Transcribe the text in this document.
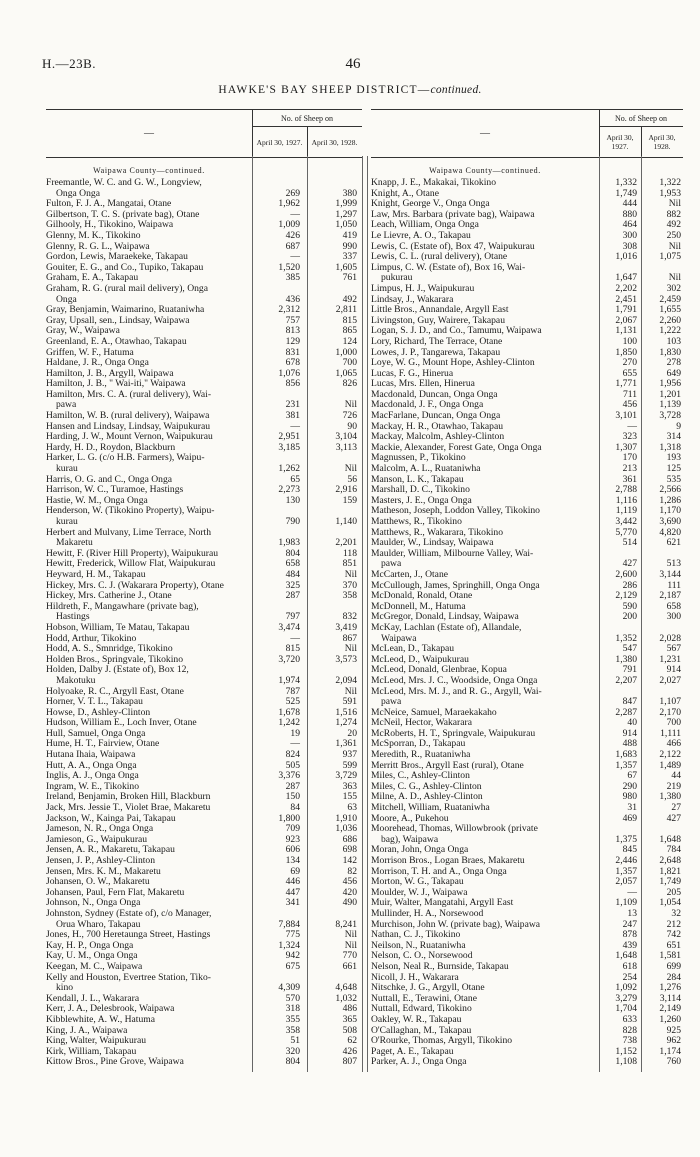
H.—23B.	46
HAWKE'S BAY SHEEP DISTRICT—continued.
—
No. of Sheep on
April 30, 1927.	April 30, 1928.
Waipawa County—continued.
Freemantle, W. C. and G. W., Longview,
Onga Onga	269	380
Fulton, F. J. A., Mangatai, Otane	1,962	1,999
Gilbertson, T. C. S. (private bag), Otane	—	1,297
Gilhooly, H., Tikokino, Waipawa	1,009	1,050
Glenny, M. K., Tikokino	426	419
Glenny, R. G. L., Waipawa	687	990
Gordon, Lewis, Maraekeke, Takapau	—	337
Gouiter, E. G., and Co., Tupiko, Takapau	1,520	1,605
Graham, E. A., Takapau	385	761
Graham, R. G. (rural mail delivery), Onga
Onga	436	492
Gray, Benjamin, Waimarino, Ruataniwha	2,312	2,811
Gray, Upsall, sen., Lindsay, Waipawa	757	815
Gray, W., Waipawa	813	865
Greenland, E. A., Otawhao, Takapau	129	124
Griffen, W. F., Hatuma	831	1,000
Haldane, J. R., Onga Onga	678	700
Hamilton, J. B., Argyll, Waipawa	1,076	1,065
Hamilton, J. B., " Wai-iti," Waipawa	856	826
Hamilton, Mrs. C. A. (rural delivery), Wai-
pawa	231	Nil
Hamilton, W. B. (rural delivery), Waipawa	381	726
Hansen and Lindsay, Lindsay, Waipukurau	—	90
Harding, J. W., Mount Vernon, Waipukurau	2,951	3,104
Hardy, H. D., Roydon, Blackburn	3,185	3,113
Harker, L. G. (c/o H.B. Farmers), Waipu-
kurau	1,262	Nil
Harris, O. G. and C., Onga Onga	65	56
Harrison, W. C., Turamoe, Hastings	2,273	2,916
Hastie, W. M., Onga Onga	130	159
Henderson, W. (Tikokino Property), Waipu-
kurau	790	1,140
Herbert and Mulvany, Lime Terrace, North
Makaretu	1,983	2,201
Hewitt, F. (River Hill Property), Waipukurau	804	118
Hewitt, Frederick, Willow Flat, Waipukurau	658	851
Heyward, H. M., Takapau	484	Nil
Hickey, Mrs. C. J. (Wakarara Property), Otane	325	370
Hickey, Mrs. Catherine J., Otane	287	358
Hildreth, F., Mangawhare (private bag),
Hastings	797	832
Hobson, William, Te Matau, Takapau	3,474	3,419
Hodd, Arthur, Tikokino	—	867
Hodd, A. S., Smnridge, Tikokino	815	Nil
Holden Bros., Springvale, Tikokino	3,720	3,573
Holden, Dalby J. (Estate of), Box 12,
Makotuku	1,974	2,094
Holyoake, R. C., Argyll East, Otane	787	Nil
Horner, V. T. L., Takapau	525	591
Howse, D., Ashley-Clinton	1,678	1,516
Hudson, William E., Loch Inver, Otane	1,242	1,274
Hull, Samuel, Onga Onga	19	20
Hume, H. T., Fairview, Otane	—	1,361
Hutana Ihaia, Waipawa	824	937
Hutt, A. A., Onga Onga	505	599
Inglis, A. J., Onga Onga	3,376	3,729
Ingram, W. E., Tikokino	287	363
Ireland, Benjamin, Broken Hill, Blackburn	150	155
Jack, Mrs. Jessie T., Violet Brae, Makaretu	84	63
Jackson, W., Kainga Pai, Takapau	1,800	1,910
Jameson, N. R., Onga Onga	709	1,036
Jamieson, G., Waipukurau	923	686
Jensen, A. R., Makaretu, Takapau	606	698
Jensen, J. P., Ashley-Clinton	134	142
Jensen, Mrs. K. M., Makaretu	69	82
Johansen, O. W., Makaretu	446	456
Johansen, Paul, Fern Flat, Makaretu	447	420
Johnson, N., Onga Onga	341	490
Johnston, Sydney (Estate of), c/o Manager,
Orua Wharo, Takapau	7,884	8,241
Jones, H., 700 Heretaunga Street, Hastings	775	Nil
Kay, H. P., Onga Onga	1,324	Nil
Kay, U. M., Onga Onga	942	770
Keegan, M. C., Waipawa	675	661
Kelly and Houston, Evertree Station, Tiko-
kino	4,309	4,648
Kendall, J. L., Wakarara	570	1,032
Kerr, J. A., Delesbrook, Waipawa	318	486
Kibblewhite, A. W., Hatuma	355	365
King, J. A., Waipawa	358	508
King, Walter, Waipukurau	51	62
Kirk, William, Takapau	320	426
Kittow Bros., Pine Grove, Waipawa	804	807
—
No. of Sheep on
April 30, 1927.
April 30, 1928.
Waipawa County—continued.
Knapp, J. E., Makakai, Tikokino	1,332	1,322
Knight, A., Otane	1,749	1,953
Knight, George V., Onga Onga	444	Nil
Law, Mrs. Barbara (private bag), Waipawa	880	882
Leach, William, Onga Onga	464	492
Le Lievre, A. O., Takapau	300	250
Lewis, C. (Estate of), Box 47, Waipukurau	308	Nil
Lewis, C. L. (rural delivery), Otane	1,016	1,075
Limpus, C. W. (Estate of), Box 16, Wai-
pukurau	1,647	Nil
Limpus, H. J., Waipukurau	2,202	302
Lindsay, J., Wakarara	2,451	2,459
Little Bros., Annandale, Argyll East	1,791	1,655
Livingston, Guy, Wairere, Takapau	2,067	2,260
Logan, S. J. D., and Co., Tamumu, Waipawa	1,131	1,222
Lory, Richard, The Terrace, Otane	100	103
Lowes, J. P., Tangarewa, Takapau	1,850	1,830
Loye, W. G., Mount Hope, Ashley-Clinton	270	278
Lucas, F. G., Hinerua	655	649
Lucas, Mrs. Ellen, Hinerua	1,771	1,956
Macdonald, Duncan, Onga Onga	711	1,201
Macdonald, J. F., Onga Onga	456	1,139
MacFarlane, Duncan, Onga Onga	3,101	3,728
Mackay, H. R., Otawhao, Takapau	—	9
Mackay, Malcolm, Ashley-Clinton	323	314
Mackie, Alexander, Forest Gate, Onga Onga	1,307	1,318
Magnussen, P., Tikokino	170	193
Malcolm, A. L., Ruataniwha	213	125
Manson, L. K., Takapau	361	535
Marshall, D. C., Tikokino	2,788	2,566
Masters, J. E., Onga Onga	1,116	1,286
Matheson, Joseph, Loddon Valley, Tikokino	1,119	1,170
Matthews, R., Tikokino	3,442	3,690
Matthews, R., Wakarara, Tikokino	5,770	4,820
Maulder, W., Lindsay, Waipawa	514	621
Maulder, William, Milbourne Valley, Wai-
pawa	427	513
McCarten, J., Otane	2,600	3,144
McCullough, James, Springhill, Onga Onga	286	111
McDonald, Ronald, Otane	2,129	2,187
McDonnell, M., Hatuma	590	658
McGregor, Donald, Lindsay, Waipawa	200	300
McKay, Lachlan (Estate of), Allandale,
Waipawa	1,352	2,028
McLean, D., Takapau	547	567
McLeod, D., Waipukurau	1,380	1,231
McLeod, Donald, Glenbrae, Kopua	791	914
McLeod, Mrs. J. C., Woodside, Onga Onga	2,207	2,027
McLeod, Mrs. M. J., and R. G., Argyll, Wai-
pawa	847	1,107
McNeice, Samuel, Maraekakaho	2,287	2,170
McNeil, Hector, Wakarara	40	700
McRoberts, H. T., Springvale, Waipukurau	914	1,111
McSporran, D., Takapau	488	466
Meredith, R., Ruataniwha	1,683	2,122
Merritt Bros., Argyll East (rural), Otane	1,357	1,489
Miles, C., Ashley-Clinton	67	44
Miles, C. G., Ashley-Clinton	290	219
Milne, A. D., Ashley-Clinton	980	1,380
Mitchell, William, Ruataniwha	31	27
Moore, A., Pukehou	469	427
Moorehead, Thomas, Willowbrook (private
bag), Waipawa	1,375	1,648
Moran, John, Onga Onga	845	784
Morrison Bros., Logan Braes, Makaretu	2,446	2,648
Morrison, T. H. and A., Onga Onga	1,357	1,821
Morton, W. G., Takapau	2,057	1,749
Moulder, W. J., Waipawa	—	205
Muir, Walter, Mangatahi, Argyll East	1,109	1,054
Mullinder, H. A., Norsewood	13	32
Murchison, John W. (private bag), Waipawa	247	212
Nathan, C. J., Tikokino	878	742
Neilson, N., Ruataniwha	439	651
Nelson, C. O., Norsewood	1,648	1,581
Nelson, Neal R., Burnside, Takapau	618	699
Nicoll, J. H., Wakarara	254	284
Nitschke, J. G., Argyll, Otane	1,092	1,276
Nuttall, E., Terawini, Otane	3,279	3,114
Nuttall, Edward, Tikokino	1,704	2,149
Oakley, W. R., Takapau	633	1,260
O'Callaghan, M., Takapau	828	925
O'Rourke, Thomas, Argyll, Tikokino	738	962
Paget, A. E., Takapau	1,152	1,174
Parker, A. J., Onga Onga	1,108	760
